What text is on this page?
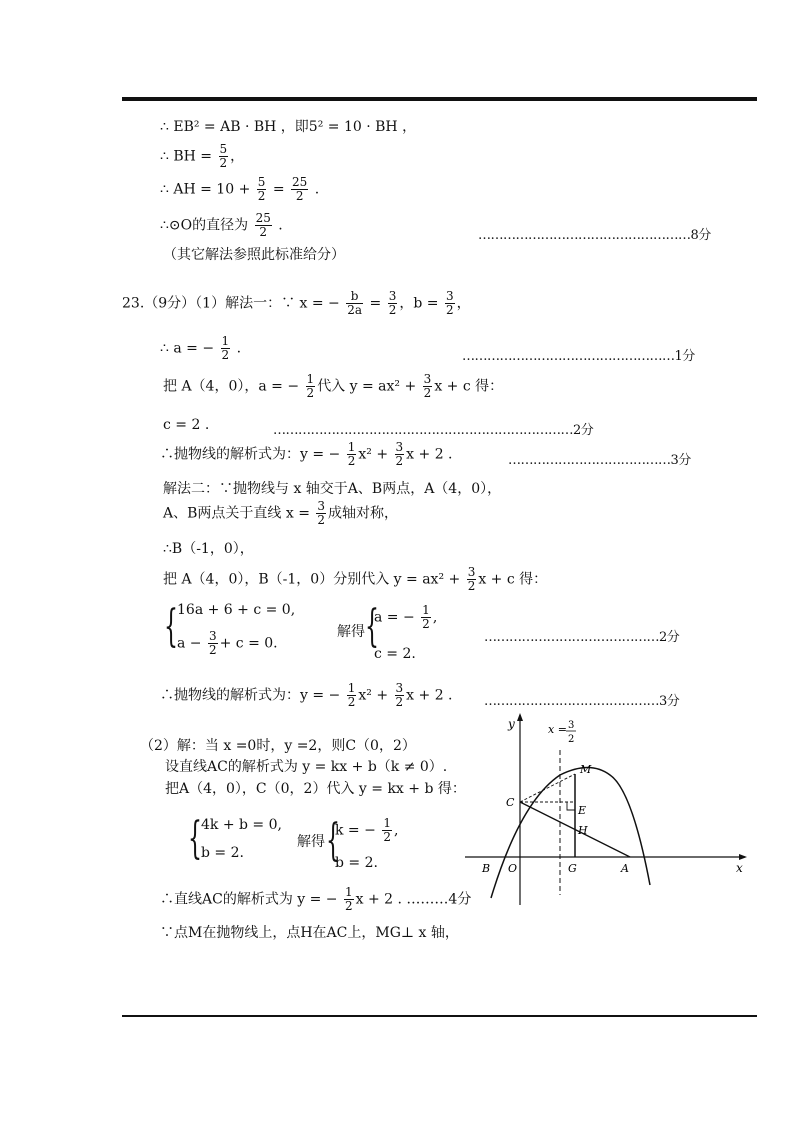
∴ EB² = AB · BH ，即5² = 10 · BH ，
∴ BH = $\frac{5}{2}$ ，
∴ AH = $10 + \frac{5}{2} = \frac{25}{2}$ .
∴⊙O的直径为 $\frac{25}{2}$ .
……………………………………………8分
（其它解法参照此标准给分）
23.（9分）（1）解法一：∵ x = − $\frac{b}{2a} = \frac{3}{2}$ ，$b = \frac{3}{2}$ ，
∴ a = − $\frac{1}{2}$ .	……………………………………………1分
把 A（4，0），a = − $\frac{1}{2}$ 代入 $y = ax^2 + \frac{3}{2}$ x + c 得：
c = 2 .	………………………………………………………………2分
∴抛物线的解析式为：y = − $\frac{1}{2} x^2 + \frac{3}{2}$ x + 2 .	…………………………………3分
解法二：∵抛物线与 x 轴交于A、B两点，A（4，0），
A、B两点关于直线 $x = \frac{3}{2}$ 成轴对称，
∴B（-1，0），
把 A（4，0），B（-1，0）分别代入 $y = ax^2 + \frac{3}{2}$ x + c 得：
{ 16a + 6 + c = 0,
$a - \frac{3}{2} + c = 0$.
解得 {
a = − $\frac{1}{2}$ ,
c = 2.
……………………………………2分
∴抛物线的解析式为：y = − $\frac{1}{2} x^2 + \frac{3}{2}$ x + 2 . ……………………………………3分
（2）解：当 x =0时，y =2，则C（0，2）
设直线AC的解析式为 y = kx + b（k ≠ 0）.
把A（4，0），C（0，2）代入 y = kx + b 得：
{ 4k + b = 0,
b = 2.
解得 {
k = − $\frac{1}{2}$ ,
b = 2.
∴直线AC的解析式为 y = − $\frac{1}{2}$ x + 2 . ………4分
∵点M在抛物线上，点H在AC上，MG⊥ x 轴，
y
x
x = 3
2
M
C
E
H
B O	G	A
